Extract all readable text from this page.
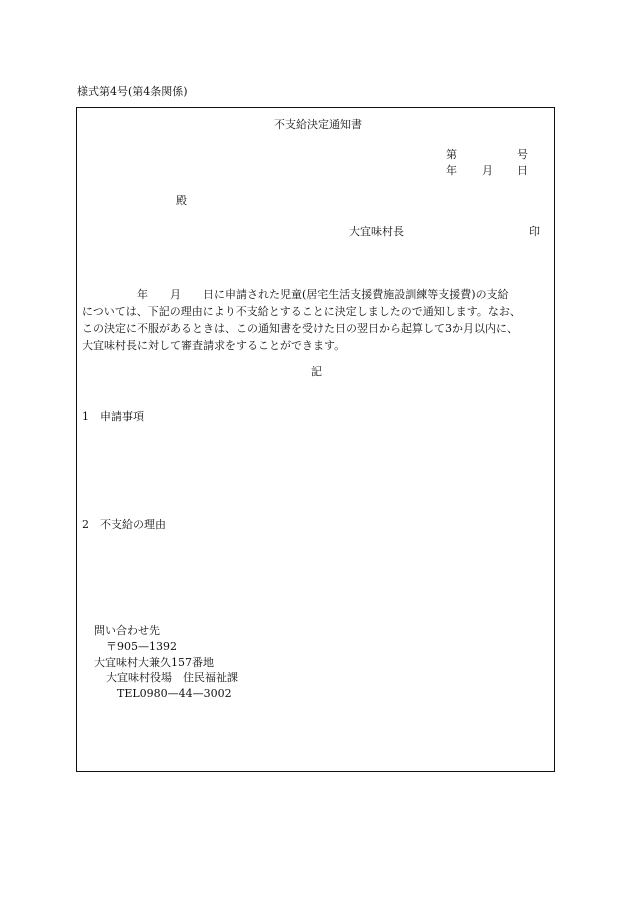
様式第4号(第4条関係)
不支給決定通知書
第	号
年 月 日
殿
大宜味村長	印
　　　　　年　　月　　日に申請された児童(居宅生活支援費施設訓練等支援費)の支給
については、下記の理由により不支給とすることに決定しましたので通知します。なお、
この決定に不服があるときは、この通知書を受けた日の翌日から起算して3か月以内に、
大宜味村長に対して審査請求をすることができます。
記
1　申請事項
2　不支給の理由
問い合わせ先
〒905—1392
大宜味村大兼久157番地
大宜味村役場　住民福祉課
TEL0980—44—3002
